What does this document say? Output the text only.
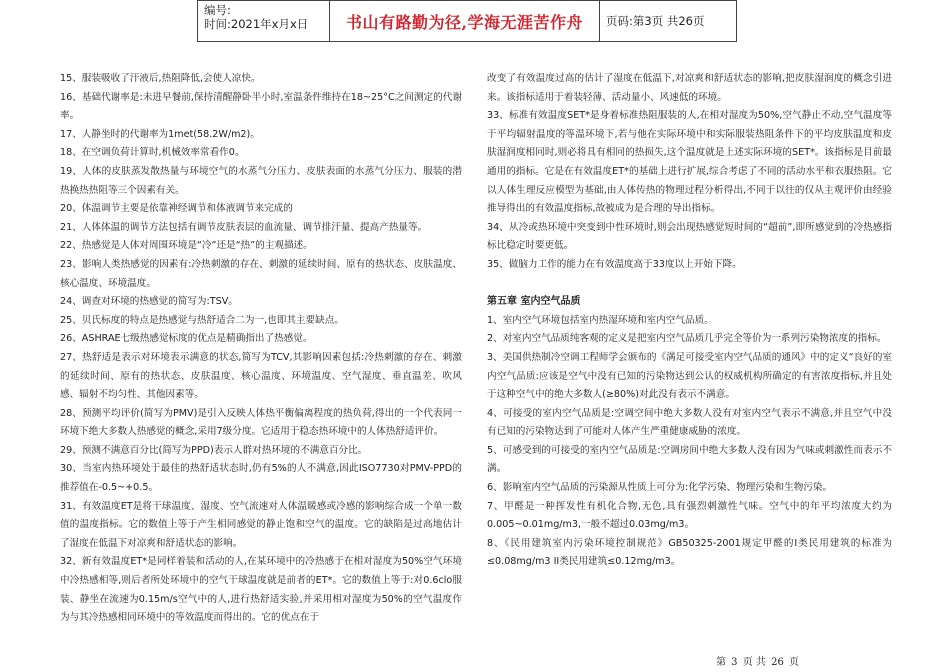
编号:
时间:2021年x月x日	书山有路勤为径,学海无涯苦作舟 页码:第3页 共26页

15、服装吸收了汗液后,热阻降低,会使人凉快。

16、基础代谢率是:未进早餐前,保持清醒静卧半小时,室温条件维持在18~25°C之间测定的代谢率。

17、人静坐时的代谢率为1met(58.2W/m2)。

18、在空调负荷计算时,机械效率常看作0。

19、人体的皮肤蒸发散热量与环境空气的水蒸气分压力、皮肤表面的水蒸气分压力、服装的潜热换热热阻等三个因素有关。

20、体温调节主要是依靠神经调节和体液调节来完成的

21、人体体温的调节方法包括有调节皮肤表层的血流量、调节排汗量、提高产热量等。

22、热感觉是人体对周围环境是“冷”还是“热”的主观描述。

23、影响人类热感觉的因素有:冷热刺激的存在、刺激的延续时间、原有的热状态、皮肤温度、核心温度、环境温度。

24、调查对环境的热感觉的简写为:TSV。

25、贝氏标度的特点是热感觉与热舒适合二为一,也即其主要缺点。

26、ASHRAE七级热感觉标度的优点是精确指出了热感觉。

27、热舒适是表示对环境表示满意的状态,简写为TCV,其影响因素包括:冷热刺激的存在、刺激的延续时间、原有的热状态、皮肤温度、核心温度、环境温度、空气湿度、垂直温差、吹风感、辐射不均匀性、其他因素等。

28、预测平均评价(简写为PMV)是引入反映人体热平衡偏离程度的热负荷,得出的一个代表同一环境下绝大多数人热感觉的概念,采用7级分度。它适用于稳态热环境中的人体热舒适评价。

29、预测不满意百分比(简写为PPD)表示人群对热环境的不满意百分比。

30、当室内热环境处于最佳的热舒适状态时,仍有5%的人不满意,因此ISO7730对PMV-PPD的推荐值在-0.5~+0.5。

31、有效温度ET是将干球温度、湿度、空气流速对人体温暖感或冷感的影响综合成一个单一数值的温度指标。它的数值上等于产生相同感觉的静止饱和空气的温度。它的缺陷是过高地估计了湿度在低温下对凉爽和舒适状态的影响。

32、新有效温度ET*是同样着装和活动的人,在某环境中的冷热感于在相对湿度为50%空气环境中冷热感相等,则后者所处环境中的空气干球温度就是前者的ET*。它的数值上等于:对0.6clo服装、静坐在流速为0.15m/s空气中的人,进行热舒适实验,并采用相对湿度为50%的空气温度作为与其冷热感相同环境中的等效温度而得出的。它的优点在于

改变了有效温度过高的估计了湿度在低温下,对凉爽和舒适状态的影响,把皮肤湿润度的概念引进来。该指标适用于着装轻薄、活动量小、风速低的环境。

33、标准有效温度SET*是身着标准热阻服装的人,在相对湿度为50%,空气静止不动,空气温度等于平均辐射温度的等温环境下,若与他在实际环境中和实际服装热阻条件下的平均皮肤温度和皮肤湿润度相同时,则必将具有相同的热损失,这个温度就是上述实际环境的SET*。该指标是目前最通用的指标。它是在有效温度ET*的基础上进行扩展,综合考虑了不同的活动水平和衣服热阻。它以人体生理反应模型为基础,由人体传热的物理过程分析得出,不同于以往的仅从主观评价由经验推导得出的有效温度指标,故被成为是合理的导出指标。

34、从冷或热环境中突变到中性环境时,则会出现热感觉短时间的“超前”,即所感觉到的冷热感指标比稳定时要更低。

35、做脑力工作的能力在有效温度高于33度以上开始下降。

第五章 室内空气品质

1、室内空气环境包括室内热湿环境和室内空气品质。

2、对室内空气品质纯客观的定义是把室内空气品质几乎完全等价为一系列污染物浓度的指标。

3、美国供热制冷空调工程师学会颁布的《满足可接受室内空气品质的通风》中的定义“良好的室内空气品质:应该是空气中没有已知的污染物达到公认的权威机构所确定的有害浓度指标,并且处于这种空气中的绝大多数人(≥80%)对此没有表示不满意。

4、可接受的室内空气品质是:空调空间中绝大多数人没有对室内空气表示不满意,并且空气中没有已知的污染物达到了可能对人体产生严重健康威胁的浓度。

5、可感受到的可接受的室内空气品质是:空调房间中绝大多数人没有因为气味或刺激性而表示不满。

6、影响室内空气品质的污染源从性质上可分为:化学污染、物理污染和生物污染。

7、甲醛是一种挥发性有机化合物,无色,具有强烈刺激性气味。空气中的年平均浓度大约为0.005~0.01mg/m3,一般不超过0.03mg/m3。

8、《民用建筑室内污染环境控制规范》GB50325-2001规定甲醛的I类民用建筑的标准为≤0.08mg/m3 II类民用建筑≤0.12mg/m3。

第 3 页 共 26 页
